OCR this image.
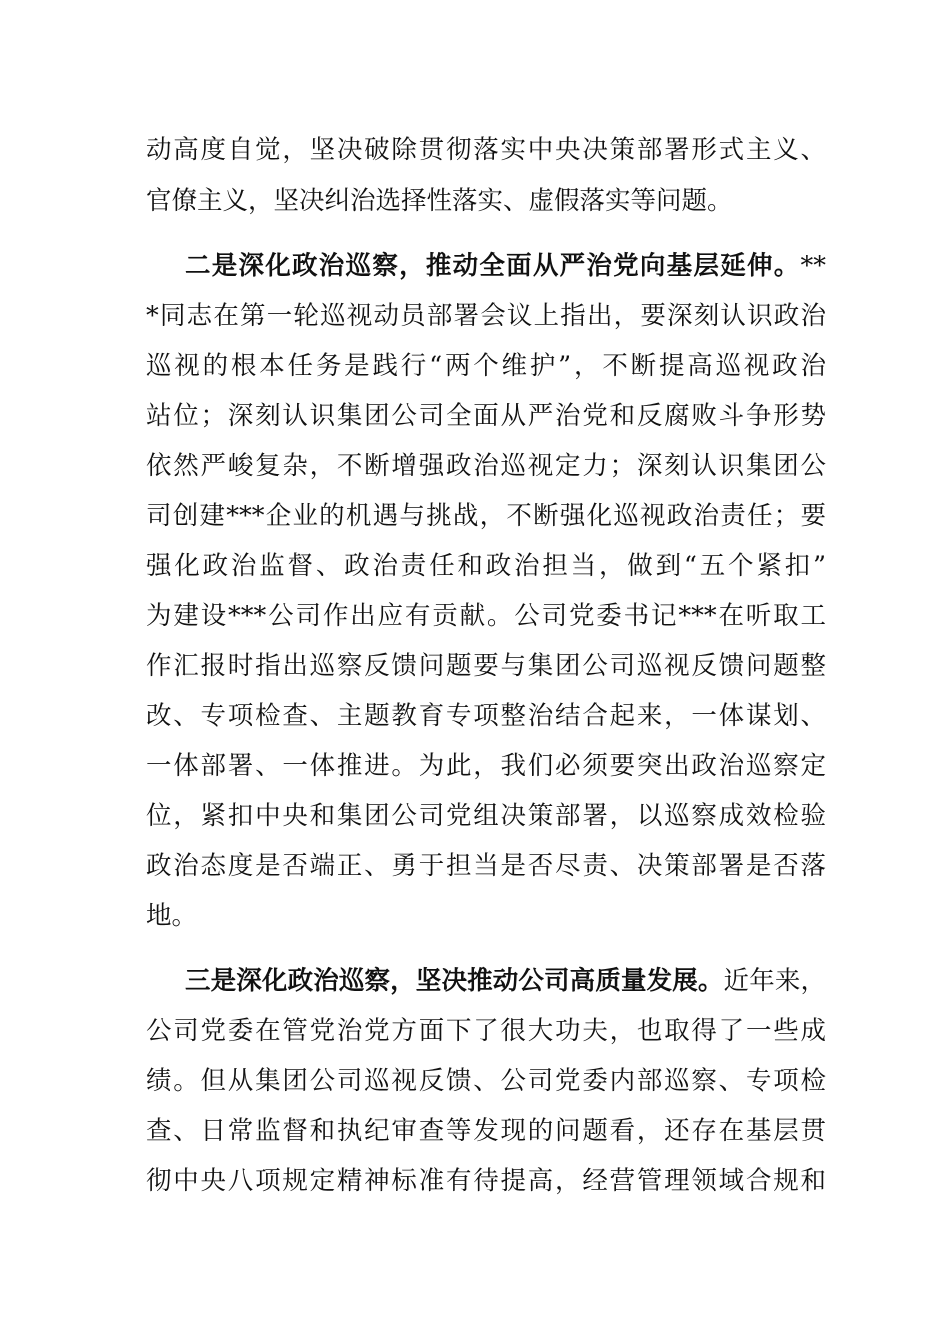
动高度自觉，坚决破除贯彻落实中央决策部署形式主义、
官僚主义，坚决纠治选择性落实、虚假落实等问题。
二是深化政治巡察，推动全面从严治党向基层延伸。**
*同志在第一轮巡视动员部署会议上指出，要深刻认识政治
巡视的根本任务是践行“两个维护”，不断提高巡视政治
站位；深刻认识集团公司全面从严治党和反腐败斗争形势
依然严峻复杂，不断增强政治巡视定力；深刻认识集团公
司创建***企业的机遇与挑战，不断强化巡视政治责任；要
强化政治监督、政治责任和政治担当，做到“五个紧扣”
为建设***公司作出应有贡献。公司党委书记***在听取工
作汇报时指出巡察反馈问题要与集团公司巡视反馈问题整
改、专项检查、主题教育专项整治结合起来，一体谋划、
一体部署、一体推进。为此，我们必须要突出政治巡察定
位，紧扣中央和集团公司党组决策部署，以巡察成效检验
政治态度是否端正、勇于担当是否尽责、决策部署是否落
地。
三是深化政治巡察，坚决推动公司高质量发展。近年来，
公司党委在管党治党方面下了很大功夫，也取得了一些成
绩。但从集团公司巡视反馈、公司党委内部巡察、专项检
查、日常监督和执纪审查等发现的问题看，还存在基层贯
彻中央八项规定精神标准有待提高，经营管理领域合规和
